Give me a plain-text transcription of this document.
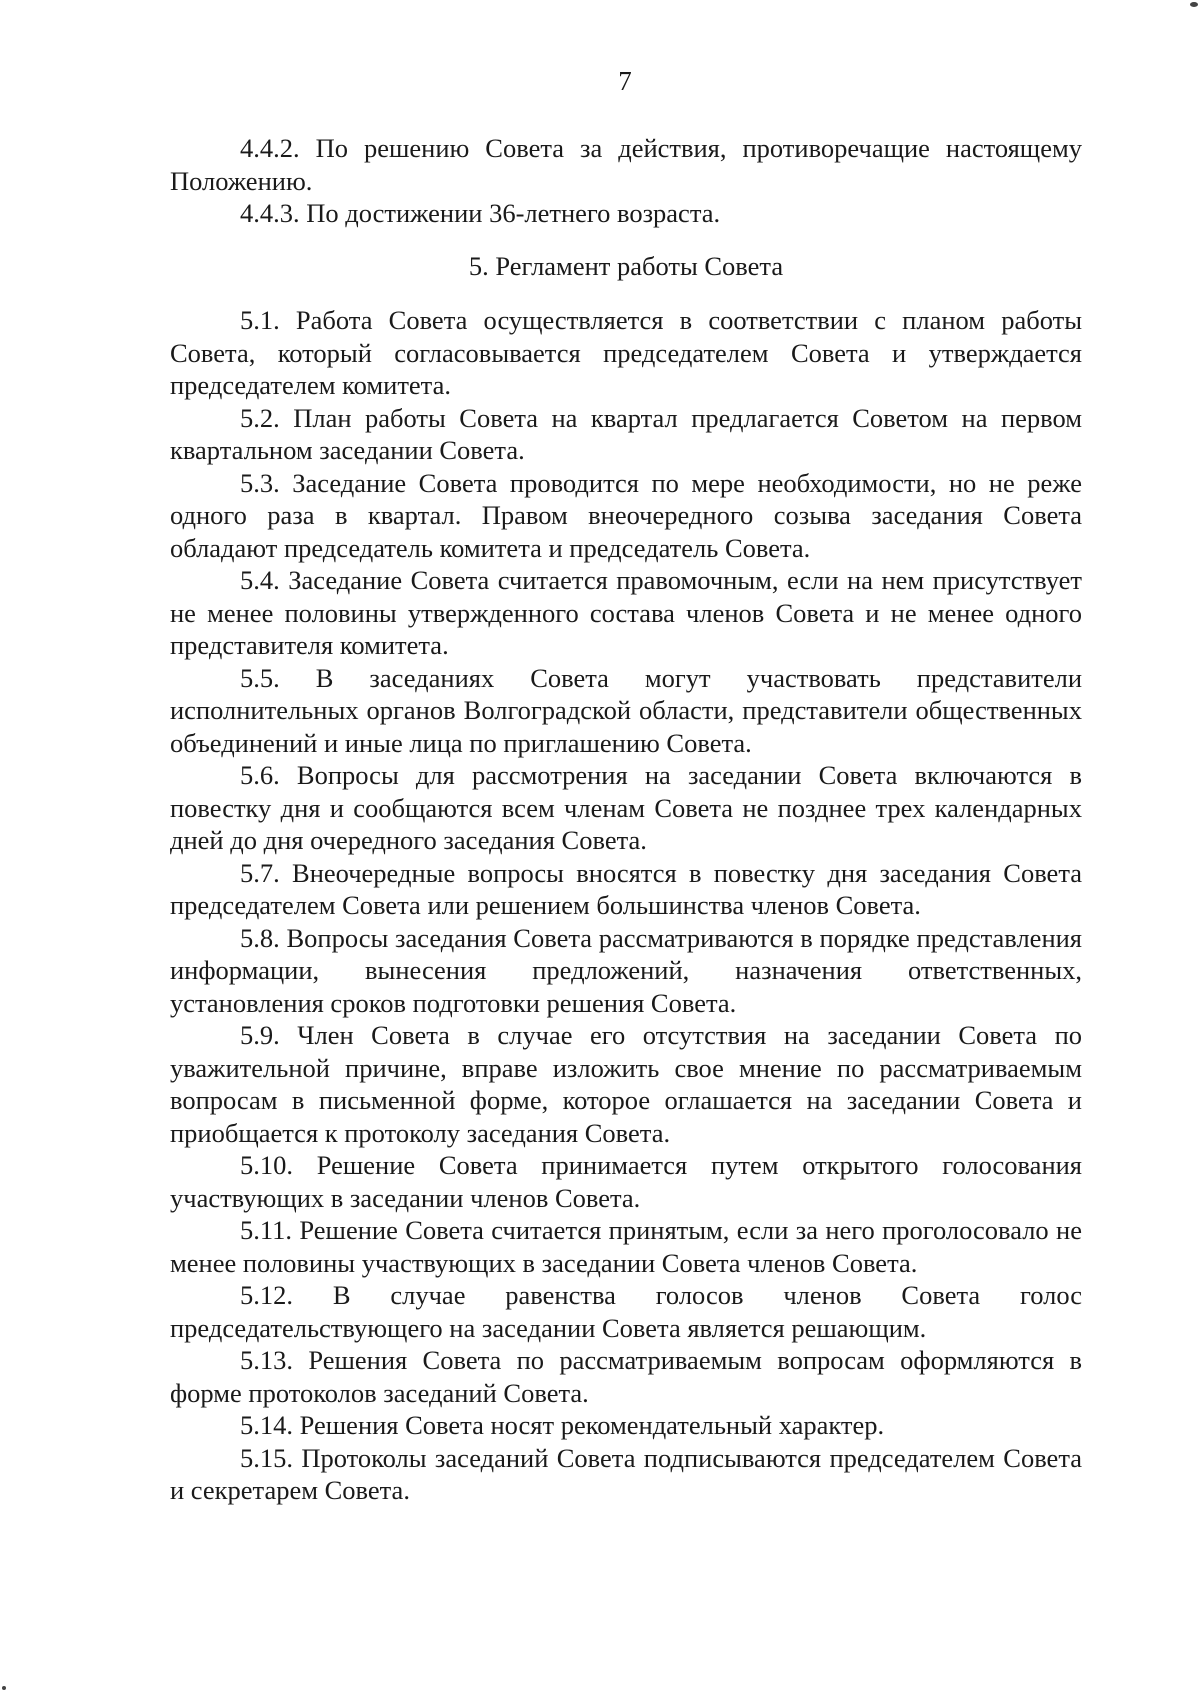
7

4.4.2. По решению Совета за действия, противоречащие настоящему Положению.

4.4.3. По достижении 36-летнего возраста.

5. Регламент работы Совета

5.1. Работа Совета осуществляется в соответствии с планом работы Совета, который согласовывается председателем Совета и утверждается председателем комитета.

5.2. План работы Совета на квартал предлагается Советом на первом квартальном заседании Совета.

5.3. Заседание Совета проводится по мере необходимости, но не реже одного раза в квартал. Правом внеочередного созыва заседания Совета обладают председатель комитета и председатель Совета.

5.4. Заседание Совета считается правомочным, если на нем присутствует не менее половины утвержденного состава членов Совета и не менее одного представителя комитета.

5.5. В заседаниях Совета могут участвовать представители исполнительных органов Волгоградской области, представители общественных объединений и иные лица по приглашению Совета.

5.6. Вопросы для рассмотрения на заседании Совета включаются в повестку дня и сообщаются всем членам Совета не позднее трех календарных дней до дня очередного заседания Совета.

5.7. Внеочередные вопросы вносятся в повестку дня заседания Совета председателем Совета или решением большинства членов Совета.

5.8. Вопросы заседания Совета рассматриваются в порядке представления информации, вынесения предложений, назначения ответственных, установления сроков подготовки решения Совета.

5.9. Член Совета в случае его отсутствия на заседании Совета по уважительной причине, вправе изложить свое мнение по рассматриваемым вопросам в письменной форме, которое оглашается на заседании Совета и приобщается к протоколу заседания Совета.

5.10. Решение Совета принимается путем открытого голосования участвующих в заседании членов Совета.

5.11. Решение Совета считается принятым, если за него проголосовало не менее половины участвующих в заседании Совета членов Совета.

5.12. В случае равенства голосов членов Совета голос председательствующего на заседании Совета является решающим.

5.13. Решения Совета по рассматриваемым вопросам оформляются в форме протоколов заседаний Совета.

5.14. Решения Совета носят рекомендательный характер.

5.15. Протоколы заседаний Совета подписываются председателем Совета и секретарем Совета.
